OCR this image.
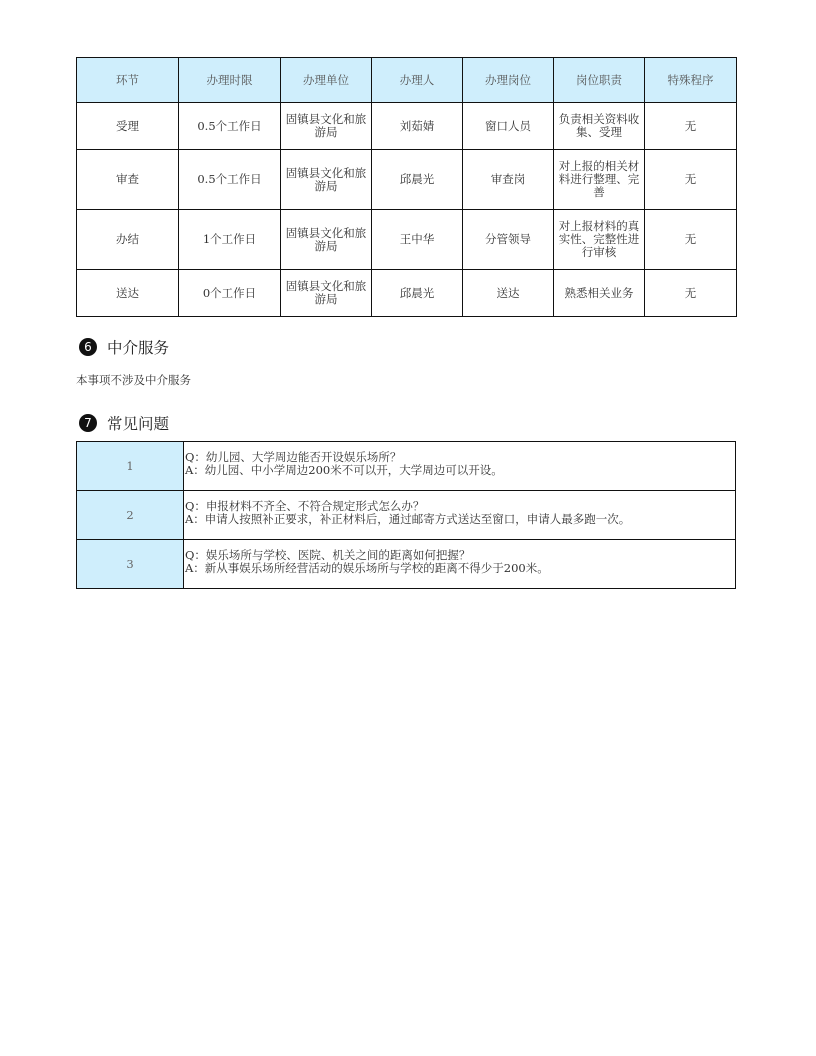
环节	办理时限	办理单位	办理人	办理岗位	岗位职责	特殊程序
受理	0.5个工作日	固镇县文化和旅游局	刘茹婧	窗口人员	负责相关资料收集、受理	无
审查	0.5个工作日	固镇县文化和旅游局	邱晨光	审查岗	对上报的相关材料进行整理、完善	无
办结	1个工作日	固镇县文化和旅游局	王中华	分管领导	对上报材料的真实性、完整性进行审核	无
送达	0个工作日	固镇县文化和旅游局	邱晨光	送达	熟悉相关业务	无
6 中介服务
本事项不涉及中介服务
7 常见问题
1	Q：幼儿园、大学周边能否开设娱乐场所？
A：幼儿园、中小学周边200米不可以开，大学周边可以开设。

2	Q：申报材料不齐全、不符合规定形式怎么办？
A：申请人按照补正要求，补正材料后，通过邮寄方式送达至窗口，申请人最多跑一次。

3	Q：娱乐场所与学校、医院、机关之间的距离如何把握？
A：新从事娱乐场所经营活动的娱乐场所与学校的距离不得少于200米。
